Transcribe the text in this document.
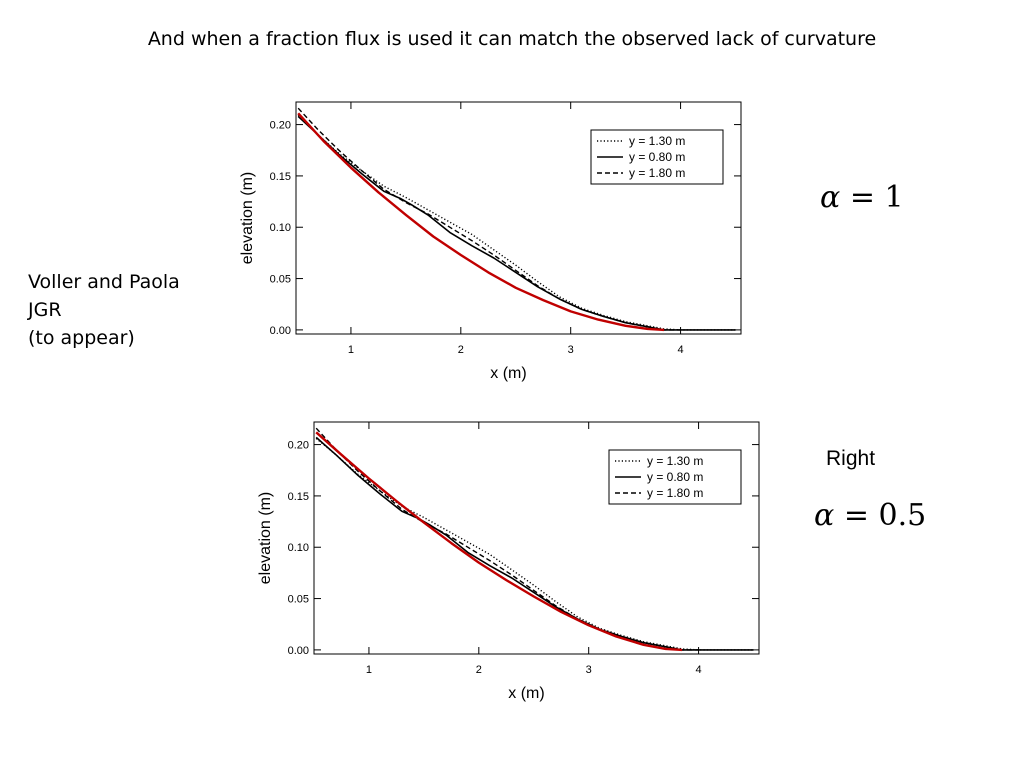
And when a fraction flux is used it can match the observed lack of curvature
Voller and Paola
JGR
(to appear)
1	2	3	4
0.00
0.05
0.10
0.15
0.20
x (m)
elevation (m)
y = 1.30 m
y = 0.80 m
y = 1.80 m
1	2	3	4
0.00
0.05
0.10
0.15
0.20
x (m)
elevation (m)
y = 1.30 m
y = 0.80 m
y = 1.80 m
α = 1
Right
α = 0.5
